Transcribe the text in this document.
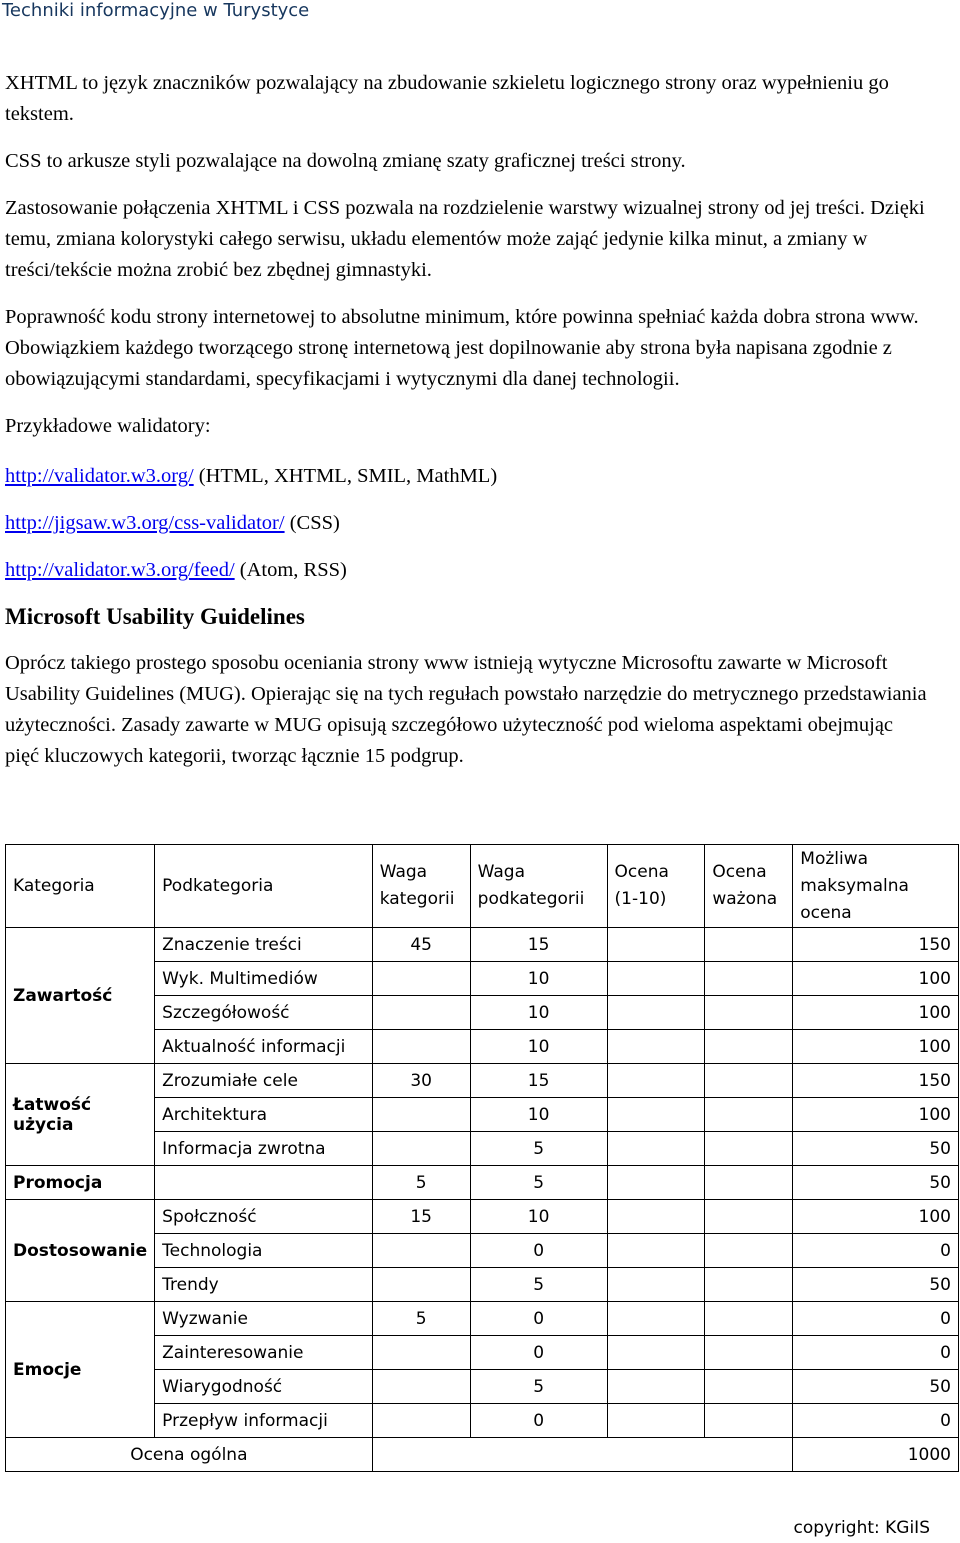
Techniki informacyjne w Turystyce

XHTML to język znaczników pozwalający na zbudowanie szkieletu logicznego strony oraz wypełnieniu go tekstem.

CSS to arkusze styli pozwalające na dowolną zmianę szaty graficznej treści strony.

Zastosowanie połączenia XHTML i CSS pozwala na rozdzielenie warstwy wizualnej strony od jej treści. Dzięki temu, zmiana kolorystyki całego serwisu, układu elementów może zająć jedynie kilka minut, a zmiany w treści/tekście można zrobić bez zbędnej gimnastyki.

Poprawność kodu strony internetowej to absolutne minimum, które powinna spełniać każda dobra strona www. Obowiązkiem każdego tworzącego stronę internetową jest dopilnowanie aby strona była napisana zgodnie z obowiązującymi standardami, specyfikacjami i wytycznymi dla danej technologii.

Przykładowe walidatory:

http://validator.w3.org/ (HTML, XHTML, SMIL, MathML)

http://jigsaw.w3.org/css-validator/ (CSS)

http://validator.w3.org/feed/ (Atom, RSS)

Microsoft Usability Guidelines

Oprócz takiego prostego sposobu oceniania strony www istnieją wytyczne Microsoftu zawarte w Microsoft Usability Guidelines (MUG). Opierając się na tych regułach powstało narzędzie do metrycznego przedstawiania użyteczności. Zasady zawarte w MUG opisują szczegółowo użyteczność pod wieloma aspektami obejmując pięć kluczowych kategorii, tworząc łącznie 15 podgrup.

Kategoria	Podkategoria	Waga kategorii	Waga podkategorii	Ocena (1-10)	Ocena ważona	Możliwa maksymalna ocena
Zawartość	Znaczenie treści	45	15			150
	Wyk. Multimediów		10			100
	Szczegółowość		10			100
	Aktualność informacji		10			100
Łatwość użycia	Zrozumiałe cele	30	15			150
	Architektura		10			100
	Informacja zwrotna		5			50
Promocja		5	5			50
Dostosowanie	Społczność	15	10			100
	Technologia		0			0
	Trendy		5			50
Emocje	Wyzwanie	5	0			0
	Zainteresowanie		0			0
	Wiarygodność		5			50
	Przepływ informacji		0			0
Ocena ogólna						1000
copyright: KGiIS
